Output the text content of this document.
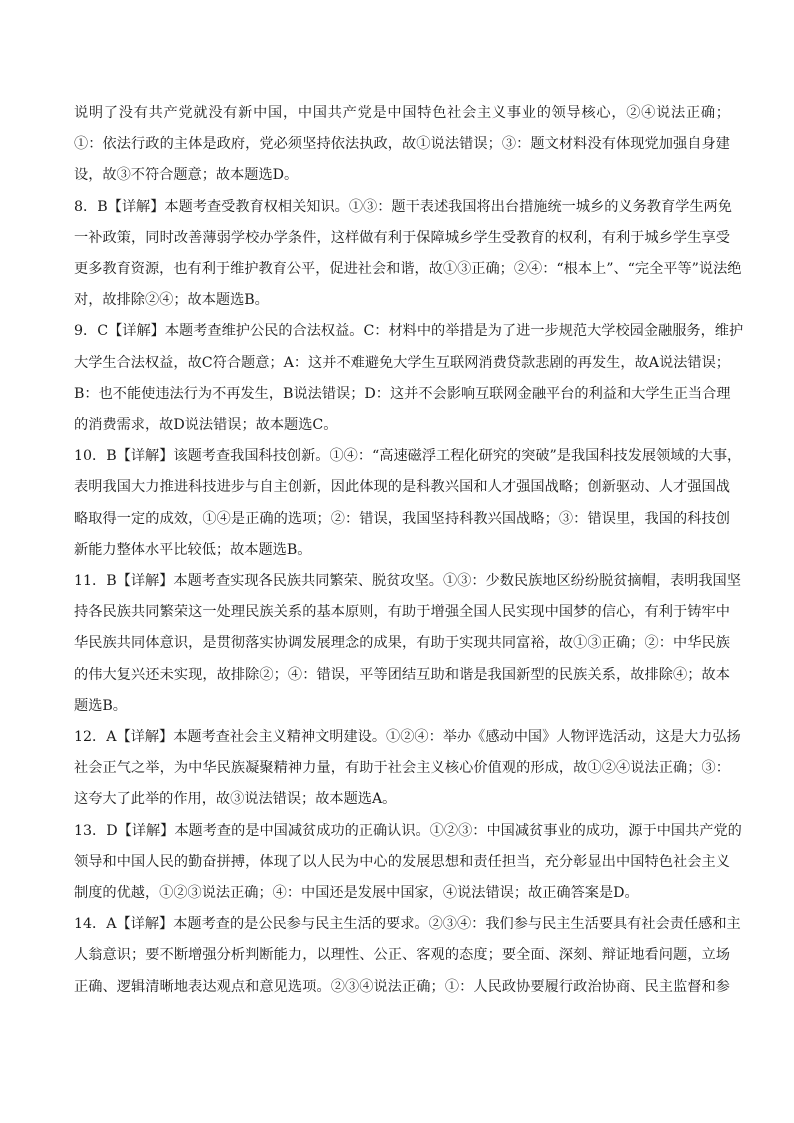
说明了没有共产党就没有新中国，中国共产党是中国特色社会主义事业的领导核心，②④说法正确；
①：依法行政的主体是政府，党必须坚持依法执政，故①说法错误；③：题文材料没有体现党加强自身建
设，故③不符合题意；故本题选D。

8．B【详解】本题考查受教育权相关知识。①③：题干表述我国将出台措施统一城乡的义务教育学生两免
一补政策，同时改善薄弱学校办学条件，这样做有利于保障城乡学生受教育的权利，有利于城乡学生享受
更多教育资源，也有利于维护教育公平，促进社会和谐，故①③正确；②④：“根本上”、“完全平等”说法绝
对，故排除②④；故本题选B。

9．C【详解】本题考查维护公民的合法权益。C：材料中的举措是为了进一步规范大学校园金融服务，维护
大学生合法权益，故C符合题意；A：这并不难避免大学生互联网消费贷款悲剧的再发生，故A说法错误；
B：也不能使违法行为不再发生，B说法错误；D：这并不会影响互联网金融平台的利益和大学生正当合理
的消费需求，故D说法错误；故本题选C。

10．B【详解】该题考查我国科技创新。①④：“高速磁浮工程化研究的突破”是我国科技发展领域的大事，
表明我国大力推进科技进步与自主创新，因此体现的是科教兴国和人才强国战略；创新驱动、人才强国战
略取得一定的成效，①④是正确的选项；②：错误，我国坚持科教兴国战略；③：错误里，我国的科技创
新能力整体水平比较低；故本题选B。

11．B【详解】本题考查实现各民族共同繁荣、脱贫攻坚。①③：少数民族地区纷纷脱贫摘帽，表明我国坚
持各民族共同繁荣这一处理民族关系的基本原则，有助于增强全国人民实现中国梦的信心，有利于铸牢中
华民族共同体意识，是贯彻落实协调发展理念的成果，有助于实现共同富裕，故①③正确；②：中华民族
的伟大复兴还未实现，故排除②；④：错误，平等团结互助和谐是我国新型的民族关系，故排除④；故本
题选B。

12．A【详解】本题考查社会主义精神文明建设。①②④：举办《感动中国》人物评选活动，这是大力弘扬
社会正气之举，为中华民族凝聚精神力量，有助于社会主义核心价值观的形成，故①②④说法正确；③：
这夸大了此举的作用，故③说法错误；故本题选A。

13．D【详解】本题考查的是中国减贫成功的正确认识。①②③：中国减贫事业的成功，源于中国共产党的
领导和中国人民的勤奋拼搏，体现了以人民为中心的发展思想和责任担当，充分彰显出中国特色社会主义
制度的优越，①②③说法正确；④：中国还是发展中国家，④说法错误；故正确答案是D。

14．A【详解】本题考查的是公民参与民主生活的要求。②③④：我们参与民主生活要具有社会责任感和主
人翁意识；要不断增强分析判断能力，以理性、公正、客观的态度；要全面、深刻、辩证地看问题，立场
正确、逻辑清晰地表达观点和意见选项。②③④说法正确；①：人民政协要履行政治协商、民主监督和参
